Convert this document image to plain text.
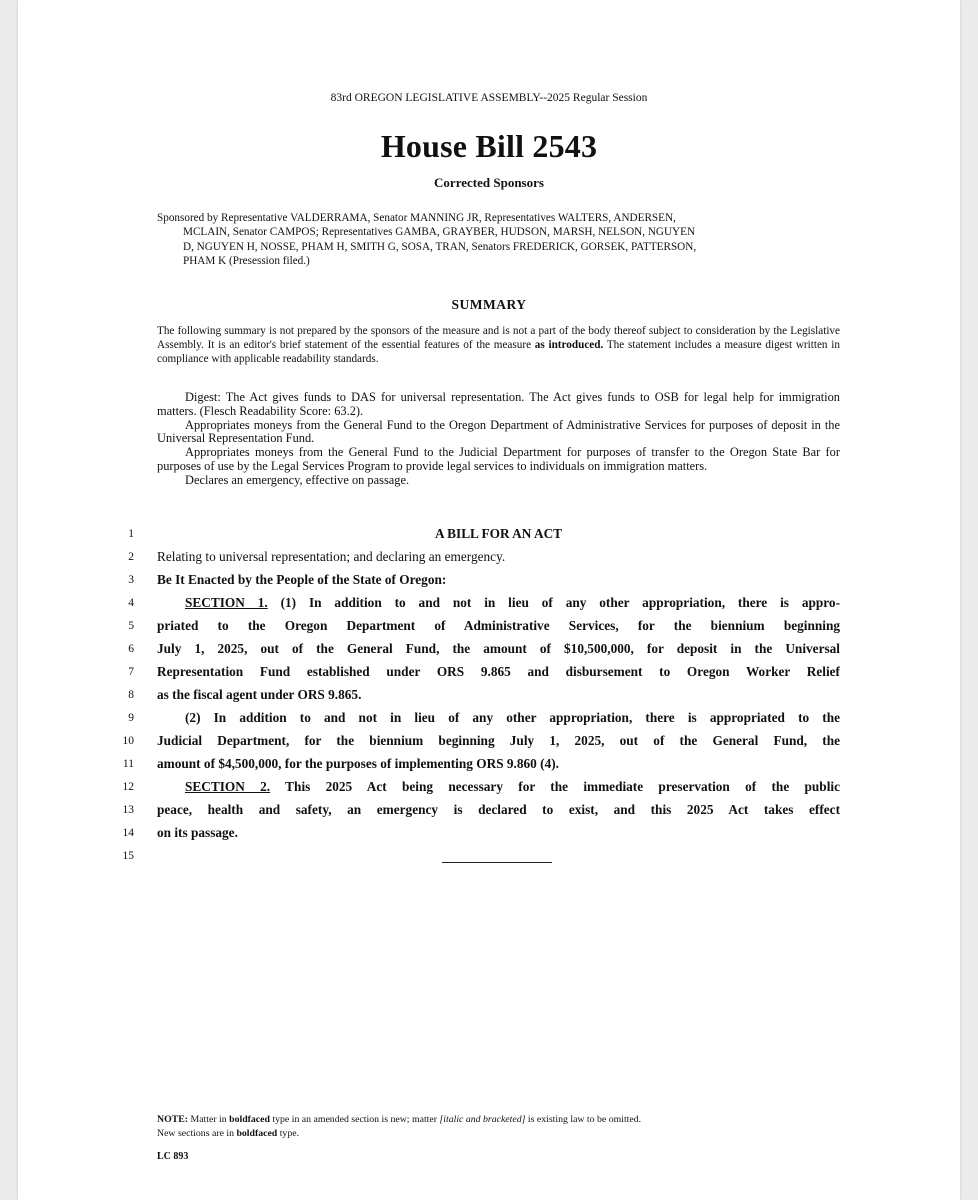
83rd OREGON LEGISLATIVE ASSEMBLY--2025 Regular Session
House Bill 2543
Corrected Sponsors
Sponsored by Representative VALDERRAMA, Senator MANNING JR, Representatives WALTERS, ANDERSEN,
MCLAIN, Senator CAMPOS; Representatives GAMBA, GRAYBER, HUDSON, MARSH, NELSON, NGUYEN
D, NGUYEN H, NOSSE, PHAM H, SMITH G, SOSA, TRAN, Senators FREDERICK, GORSEK, PATTERSON,
PHAM K (Presession filed.)
SUMMARY
The following summary is not prepared by the sponsors of the measure and is not a part of the body thereof subject to consideration by the Legislative Assembly. It is an editor's brief statement of the essential features of the measure as introduced. The statement includes a measure digest written in compliance with applicable readability standards.
Digest: The Act gives funds to DAS for universal representation. The Act gives funds to OSB for legal help for immigration matters. (Flesch Readability Score: 63.2).
Appropriates moneys from the General Fund to the Oregon Department of Administrative Services for purposes of deposit in the Universal Representation Fund.
Appropriates moneys from the General Fund to the Judicial Department for purposes of transfer to the Oregon State Bar for purposes of use by the Legal Services Program to provide legal services to individuals on immigration matters.
Declares an emergency, effective on passage.
1
2
3
4
5
6
7
8
9
10
11
12
13
14
15
A BILL FOR AN ACT
Relating to universal representation; and declaring an emergency.
Be It Enacted by the People of the State of Oregon:
SECTION 1. (1) In addition to and not in lieu of any other appropriation, there is appro-
priated to the Oregon Department of Administrative Services, for the biennium beginning
July 1, 2025, out of the General Fund, the amount of $10,500,000, for deposit in the Universal
Representation Fund established under ORS 9.865 and disbursement to Oregon Worker Relief
as the fiscal agent under ORS 9.865.
(2) In addition to and not in lieu of any other appropriation, there is appropriated to the
Judicial Department, for the biennium beginning July 1, 2025, out of the General Fund, the
amount of $4,500,000, for the purposes of implementing ORS 9.860 (4).
SECTION 2. This 2025 Act being necessary for the immediate preservation of the public
peace, health and safety, an emergency is declared to exist, and this 2025 Act takes effect
on its passage.
NOTE: Matter in boldfaced type in an amended section is new; matter [italic and bracketed] is existing law to be omitted.
New sections are in boldfaced type.
LC 893
